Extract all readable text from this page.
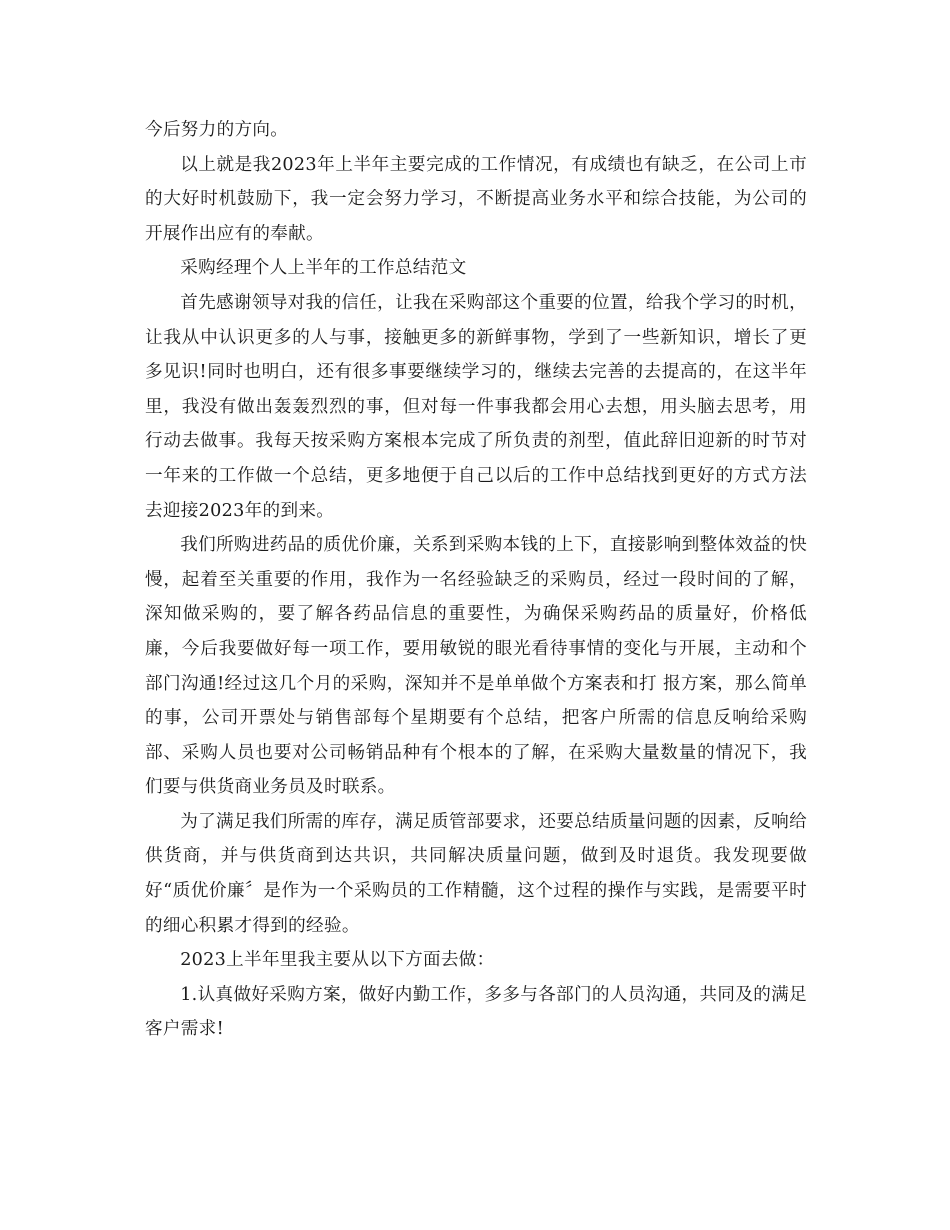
今后努力的方向。

以上就是我2023年上半年主要完成的工作情况，有成绩也有缺乏，在公司上市的大好时机鼓励下，我一定会努力学习，不断提高业务水平和综合技能，为公司的开展作出应有的奉献。

采购经理个人上半年的工作总结范文

首先感谢领导对我的信任，让我在采购部这个重要的位置，给我个学习的时机，让我从中认识更多的人与事，接触更多的新鲜事物，学到了一些新知识，增长了更多见识!同时也明白，还有很多事要继续学习的，继续去完善的去提高的，在这半年里，我没有做出轰轰烈烈的事，但对每一件事我都会用心去想，用头脑去思考，用行动去做事。我每天按采购方案根本完成了所负责的剂型，值此辞旧迎新的时节对一年来的工作做一个总结，更多地便于自己以后的工作中总结找到更好的方式方法去迎接2023年的到来。

我们所购进药品的质优价廉，关系到采购本钱的上下，直接影响到整体效益的快慢，起着至关重要的作用，我作为一名经验缺乏的采购员，经过一段时间的了解，深知做采购的，要了解各药品信息的重要性，为确保采购药品的质量好，价格低廉，今后我要做好每一项工作，要用敏锐的眼光看待事情的变化与开展，主动和个部门沟通!经过这几个月的采购，深知并不是单单做个方案表和打 报方案，那么简单的事，公司开票处与销售部每个星期要有个总结，把客户所需的信息反响给采购部、采购人员也要对公司畅销品种有个根本的了解，在采购大量数量的情况下，我们要与供货商业务员及时联系。

为了满足我们所需的库存，满足质管部要求，还要总结质量问题的因素，反响给供货商，并与供货商到达共识，共同解决质量问题，做到及时退货。我发现要做好“质优价廉〞是作为一个采购员的工作精髓，这个过程的操作与实践，是需要平时的细心积累才得到的经验。

2023上半年里我主要从以下方面去做：

1.认真做好采购方案，做好内勤工作，多多与各部门的人员沟通，共同及的满足客户需求!
